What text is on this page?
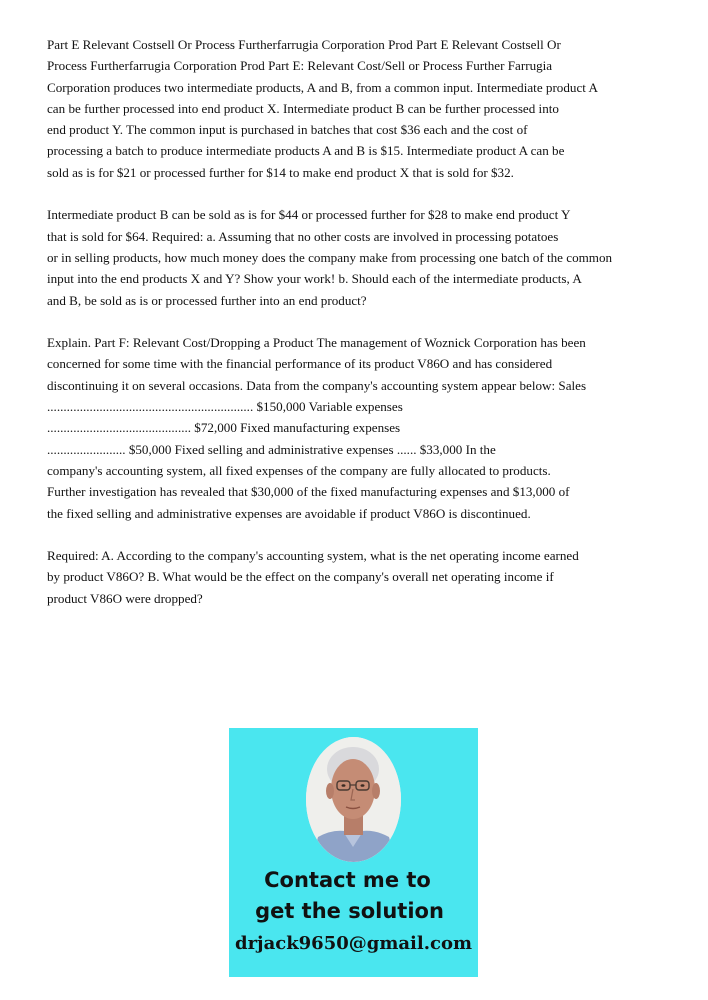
Part E Relevant Costsell Or Process Furtherfarrugia Corporation Prod Part E Relevant Costsell Or
Process Furtherfarrugia Corporation Prod Part E: Relevant Cost/Sell or Process Further Farrugia
Corporation produces two intermediate products, A and B, from a common input. Intermediate product A
can be further processed into end product X. Intermediate product B can be further processed into
end product Y. The common input is purchased in batches that cost $36 each and the cost of
processing a batch to produce intermediate products A and B is $15. Intermediate product A can be
sold as is for $21 or processed further for $14 to make end product X that is sold for $32.

Intermediate product B can be sold as is for $44 or processed further for $28 to make end product Y
that is sold for $64. Required: a. Assuming that no other costs are involved in processing potatoes
or in selling products, how much money does the company make from processing one batch of the common
input into the end products X and Y? Show your work! b. Should each of the intermediate products, A
and B, be sold as is or processed further into an end product?

Explain. Part F: Relevant Cost/Dropping a Product The management of Woznick Corporation has been
concerned for some time with the financial performance of its product V86O and has considered
discontinuing it on several occasions. Data from the company's accounting system appear below: Sales
............................................................... $150,000 Variable expenses
............................................ $72,000 Fixed manufacturing expenses
........................ $50,000 Fixed selling and administrative expenses ...... $33,000 In the
company's accounting system, all fixed expenses of the company are fully allocated to products.
Further investigation has revealed that $30,000 of the fixed manufacturing expenses and $13,000 of
the fixed selling and administrative expenses are avoidable if product V86O is discontinued.

Required: A. According to the company's accounting system, what is the net operating income earned
by product V86O? B. What would be the effect on the company's overall net operating income if
product V86O were dropped?

Contact me to
get the solution
drjack9650@gmail.com
